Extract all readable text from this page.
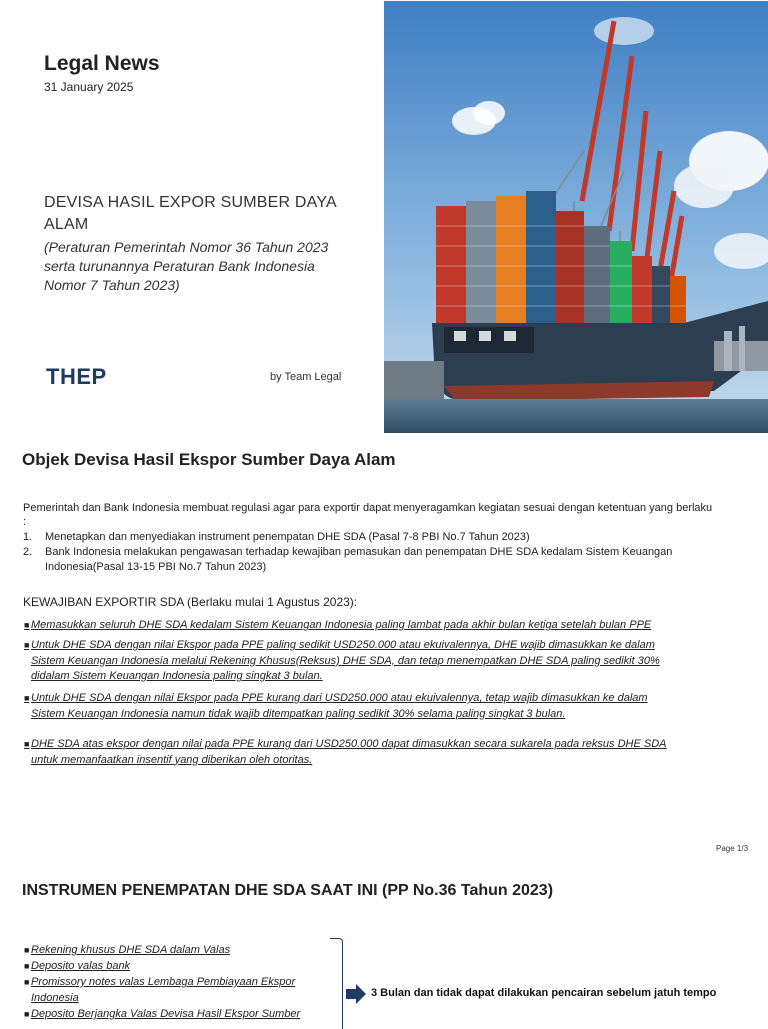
Legal News
31 January 2025
DEVISA HASIL EXPOR SUMBER DAYA ALAM
(Peraturan Pemerintah Nomor 36 Tahun 2023 serta turunannya Peraturan Bank Indonesia Nomor 7 Tahun 2023)
THEP	by Team Legal
Objek Devisa Hasil Ekspor Sumber Daya Alam
Pemerintah dan Bank Indonesia membuat regulasi agar para exportir dapat menyeragamkan kegiatan sesuai dengan ketentuan yang berlaku :
1.	Menetapkan dan menyediakan instrument penempatan DHE SDA (Pasal 7-8 PBI No.7 Tahun 2023)
2.	Bank Indonesia melakukan pengawasan terhadap kewajiban pemasukan dan penempatan DHE SDA kedalam Sistem Keuangan Indonesia(Pasal 13-15 PBI No.7 Tahun 2023)
KEWAJIBAN EXPORTIR SDA (Berlaku mulai 1 Agustus 2023):
■ Memasukkan seluruh DHE SDA kedalam Sistem Keuangan Indonesia paling lambat pada akhir bulan ketiga setelah bulan PPE
■ Untuk DHE SDA dengan nilai Ekspor pada PPE paling sedikit USD250.000 atau ekuivalennya, DHE wajib dimasukkan ke dalam Sistem Keuangan Indonesia melalui Rekening Khusus(Reksus) DHE SDA, dan tetap menempatkan DHE SDA paling sedikit 30% didalam Sistem Keuangan Indonesia paling singkat 3 bulan.
■ Untuk DHE SDA dengan nilai Ekspor pada PPE kurang dari USD250.000 atau ekuivalennya, tetap wajib dimasukkan ke dalam Sistem Keuangan Indonesia namun tidak wajib ditempatkan paling sedikit 30% selama paling singkat 3 bulan.
■ DHE SDA atas ekspor dengan nilai pada PPE kurang dari USD250.000 dapat dimasukkan secara sukarela pada reksus DHE SDA untuk memanfaatkan insentif yang diberikan oleh otoritas.
Page 1/3
INSTRUMEN PENEMPATAN DHE SDA SAAT INI (PP No.36 Tahun 2023)
■ Rekening khusus DHE SDA dalam Valas
■ Deposito valas bank
■ Promissory notes valas Lembaga Pembiayaan Ekspor Indonesia
■ Deposito Berjangka Valas Devisa Hasil Ekspor Sumber
3 Bulan dan tidak dapat dilakukan pencairan sebelum jatuh tempo
